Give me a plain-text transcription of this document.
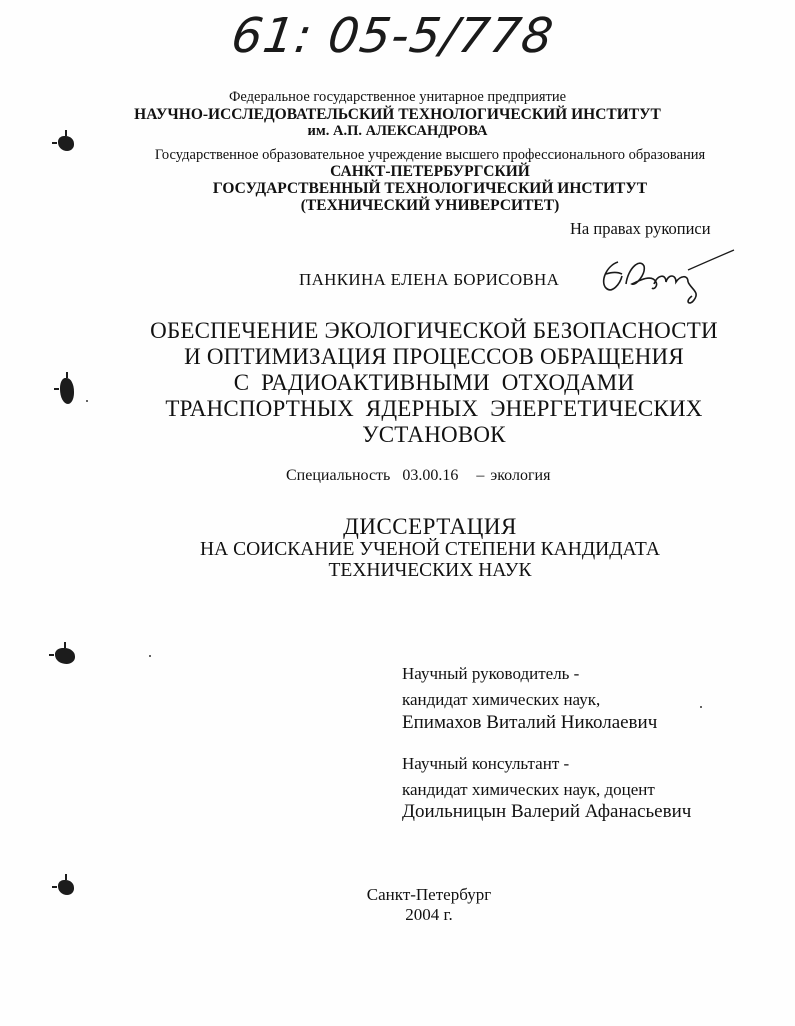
61: 05-5/778
Федеральное государственное унитарное предприятие
НАУЧНО-ИССЛЕДОВАТЕЛЬСКИЙ ТЕХНОЛОГИЧЕСКИЙ ИНСТИТУТ
им. А.П. АЛЕКСАНДРОВА
Государственное образовательное учреждение высшего профессионального образования
САНКТ-ПЕТЕРБУРГСКИЙ
ГОСУДАРСТВЕННЫЙ ТЕХНОЛОГИЧЕСКИЙ ИНСТИТУТ
(ТЕХНИЧЕСКИЙ УНИВЕРСИТЕТ)
На правах рукописи
ПАНКИНА ЕЛЕНА БОРИСОВНА
ОБЕСПЕЧЕНИЕ ЭКОЛОГИЧЕСКОЙ БЕЗОПАСНОСТИ
И ОПТИМИЗАЦИЯ ПРОЦЕССОВ ОБРАЩЕНИЯ
С  РАДИОАКТИВНЫМИ  ОТХОДАМИ
ТРАНСПОРТНЫХ  ЯДЕРНЫХ  ЭНЕРГЕТИЧЕСКИХ
УСТАНОВОК
Специальность  03.00.16   – экология
ДИССЕРТАЦИЯ
НА СОИСКАНИЕ УЧЕНОЙ СТЕПЕНИ КАНДИДАТА
ТЕХНИЧЕСКИХ НАУК
Научный руководитель -
кандидат химических наук,
Епимахов Виталий Николаевич
Научный консультант -
кандидат химических наук, доцент
Доильницын Валерий Афанасьевич
Санкт-Петербург
2004 г.
